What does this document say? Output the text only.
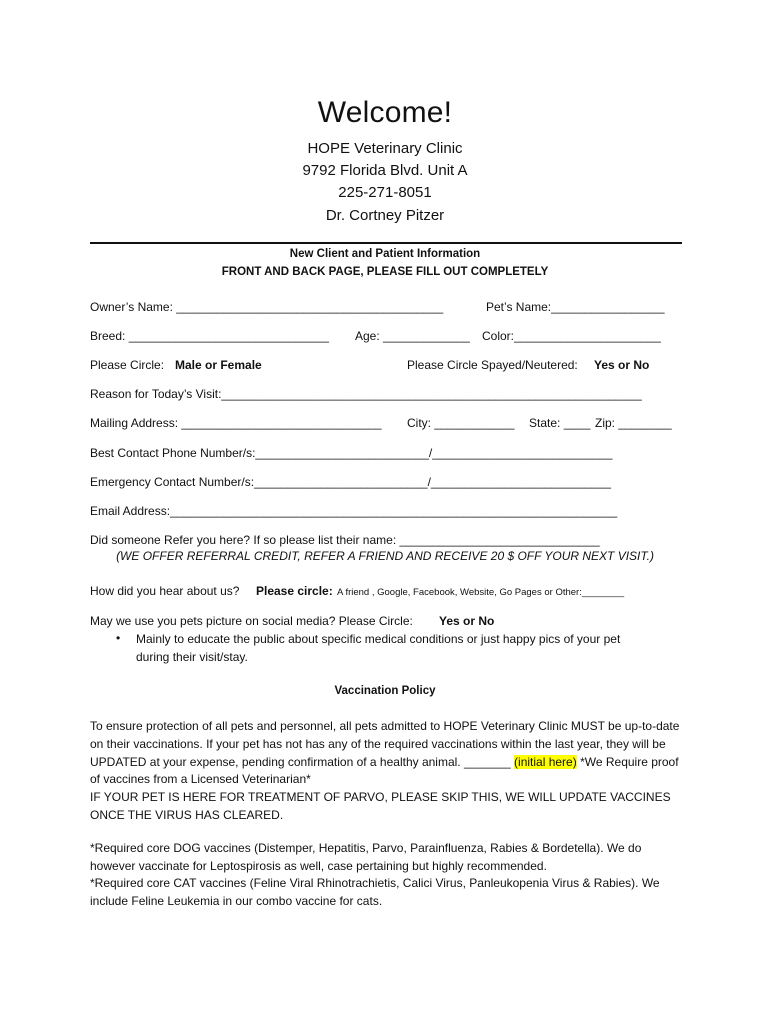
Welcome!
HOPE Veterinary Clinic
9792 Florida Blvd. Unit A
225-271-8051
Dr. Cortney Pitzer
New Client and Patient Information
FRONT AND BACK PAGE, PLEASE FILL OUT COMPLETELY
Owner’s Name: ________________________________________	Pet’s Name:_________________
Breed: ______________________________ Age: _____________ Color:______________________
Please Circle: Male or Female	Please Circle Spayed/Neutered: Yes or No
Reason for Today’s Visit:_______________________________________________________________
Mailing Address: ______________________________ City: ____________ State: ____ Zip: ________
Best Contact Phone Number/s:__________________________/___________________________
Emergency Contact Number/s:__________________________/___________________________
Email Address:___________________________________________________________________
Did someone Refer you here? If so please list their name: ______________________________
(WE OFFER REFERRAL CREDIT, REFER A FRIEND AND RECEIVE 20 $ OFF YOUR NEXT VISIT.)
How did you hear about us? Please circle: A friend , Google, Facebook, Website, Go Pages or Other:________
May we use you pets picture on social media? Please Circle: Yes or No
• Mainly to educate the public about specific medical conditions or just happy pics of your pet
during their visit/stay.
Vaccination Policy
To ensure protection of all pets and personnel, all pets admitted to HOPE Veterinary Clinic MUST be up-to-date on their vaccinations. If your pet has not has any of the required vaccinations within the last year, they will be UPDATED at your expense, pending confirmation of a healthy animal. _______ (initial here) *We Require proof of vaccines from a Licensed Veterinarian*
IF YOUR PET IS HERE FOR TREATMENT OF PARVO, PLEASE SKIP THIS, WE WILL UPDATE VACCINES ONCE THE VIRUS HAS CLEARED.
*Required core DOG vaccines (Distemper, Hepatitis, Parvo, Parainfluenza, Rabies & Bordetella). We do however vaccinate for Leptospirosis as well, case pertaining but highly recommended.
*Required core CAT vaccines (Feline Viral Rhinotrachietis, Calici Virus, Panleukopenia Virus & Rabies). We include Feline Leukemia in our combo vaccine for cats.
